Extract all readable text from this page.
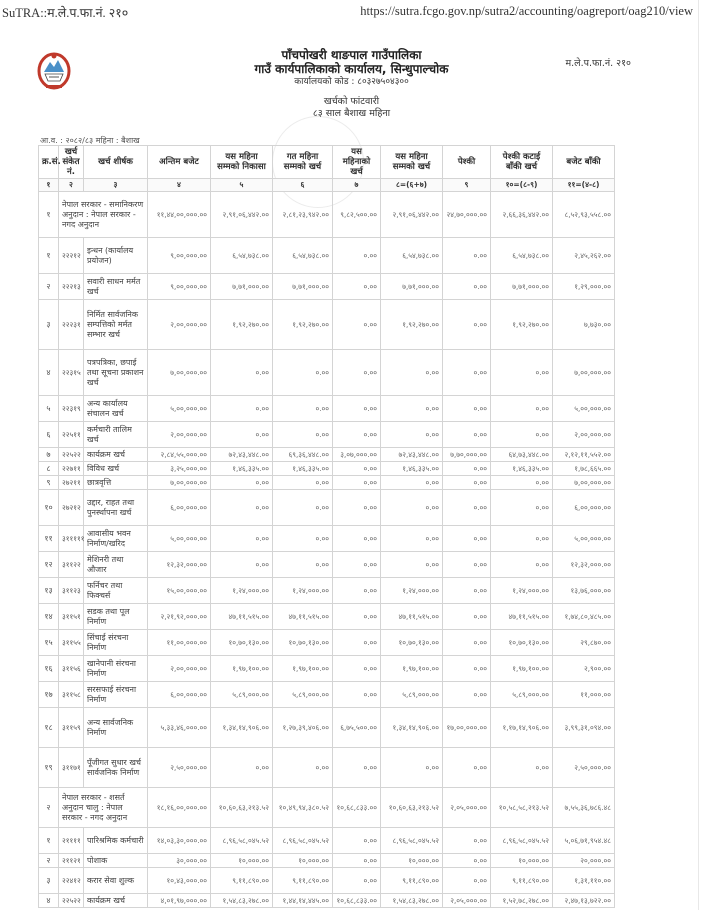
SuTRA::म.ले.प.फा.नं. २१०	https://sutra.fcgo.gov.np/sutra2/accounting/oagreport/oag210/view
पाँचपोखरी थाङपाल गाउँपालिका
गाउँ कार्यपालिकाको कार्यालय, सिन्धुपाल्चोक
कार्यालयको कोड : ८०३२७५०४३००
खर्चको फांटवारी
८३ साल बैशाख महिना
म.ले.प.फा.नं. २१०
आ.व. : २०८२/८३ महिना : बैशाख
क्र.सं.	खर्च संकेत नं.	खर्च शीर्षक	अन्तिम बजेट	यस महिना सम्मको निकासा	गत महिना सम्मको खर्च	यस महिनाको खर्च	यस महिना सम्मको खर्च	पेश्की	पेश्की कटाई बाँकी खर्च	बजेट बाँकी
१	२	३	४	५	६	७	८=(६+७)	९	१०=(८-९)	११=(४-८)
१	नेपाल सरकार - समानिकरण अनुदान : नेपाल सरकार - नगद अनुदान		११,४४,००,०००.००	२,९१,०६,४४२.००	२,८१,२३,९४२.००	९,८२,५००.००	२,९१,०६,४४२.००	२४,७०,०००.००	२,६६,३६,४४२.००	८,५२,९३,५५८.००
१	२२२१२	इन्धन (कार्यालय प्रयोजन)	९,००,०००.००	६,५४,७३८.००	६,५४,७३८.००	०.००	६,५४,७३८.००	०.००	६,५४,७३८.००	२,४५,२६२.००
२	२२२१३	सवारी साधन मर्मत खर्च	९,००,०००.००	७,७१,०००.००	७,७१,०००.००	०.००	७,७१,०००.००	०.००	७,७१,०००.००	१,२९,०००.००
३	२२२३१	निर्मित सार्वजनिक सम्पत्तिको मर्मत सम्भार खर्च	२,००,०००.००	१,९२,२७०.००	१,९२,२७०.००	०.००	१,९२,२७०.००	०.००	१,९२,२७०.००	७,७३०.००
४	२२३१५	पत्रपत्रिका, छपाई तथा सूचना प्रकाशन खर्च	७,००,०००.००	०.००	०.००	०.००	०.००	०.००	०.००	७,००,०००.००
५	२२३१९	अन्य कार्यालय संचालन खर्च	५,००,०००.००	०.००	०.००	०.००	०.००	०.००	०.००	५,००,०००.००
६	२२५११	कर्मचारी तालिम खर्च	२,००,०००.००	०.००	०.००	०.००	०.००	०.००	०.००	२,००,०००.००
७	२२५२२	कार्यक्रम खर्च	२,८४,५५,०००.००	७२,४३,४४८.००	६९,३६,४४८.००	३,०७,०००.००	७२,४३,४४८.००	७,७०,०००.००	६४,७३,४४८.००	२,१२,११,५५२.००
८	२२७११	विविध खर्च	३,२५,०००.००	१,४६,३३५.००	१,४६,३३५.००	०.००	१,४६,३३५.००	०.००	१,४६,३३५.००	१,७८,६६५.००
९	२७२११	छात्रवृत्ति	७,००,०००.००	०.००	०.००	०.००	०.००	०.००	०.००	७,००,०००.००
१०	२७२१२	उद्दार, राहत तथा पुनर्स्थापना खर्च	६,००,०००.००	०.००	०.००	०.००	०.००	०.००	०.००	६,००,०००.००
११	३१११११	आवासीय भवन निर्माण/खरिद	५,००,०००.००	०.००	०.००	०.००	०.००	०.००	०.००	५,००,०००.००
१२	३११२२	मेशिनरी तथा औजार	१२,३२,०००.००	०.००	०.००	०.००	०.००	०.००	०.००	१२,३२,०००.००
१३	३११२३	फर्निचर तथा फिक्चर्स	१५,००,०००.००	१,२४,०००.००	१,२४,०००.००	०.००	१,२४,०००.००	०.००	१,२४,०००.००	१३,७६,०००.००
१४	३११५१	सडक तथा पूल निर्माण	२,२१,९२,०००.००	४७,११,५१५.००	४७,११,५१५.००	०.००	४७,११,५१५.००	०.००	४७,११,५१५.००	१,७४,८०,४८५.००
१५	३११५५	सिंचाई संरचना निर्माण	११,००,०००.००	१०,७०,१३०.००	१०,७०,१३०.००	०.००	१०,७०,१३०.००	०.००	१०,७०,१३०.००	२९,८७०.००
१६	३११५६	खानेपानी संरचना निर्माण	२,००,०००.००	१,९७,१००.००	१,९७,१००.००	०.००	१,९७,१००.००	०.००	१,९७,१००.००	२,९००.००
१७	३११५८	सरसफाई संरचना निर्माण	६,००,०००.००	५,८९,०००.००	५,८९,०००.००	०.००	५,८९,०००.००	०.००	५,८९,०००.००	११,०००.००
१८	३११५९	अन्य सार्वजनिक निर्माण	५,३३,४६,०००.००	१,३४,१४,९०६.००	१,२७,३९,४०६.००	६,७५,५००.००	१,३४,१४,९०६.००	१७,००,०००.००	१,१७,१४,९०६.००	३,९९,३१,०९४.००
१९	३११७१	पूँजीगत सुधार खर्च सार्वजनिक निर्माण	२,५०,०००.००	०.००	०.००	०.००	०.००	०.००	०.००	२,५०,०००.००
२	नेपाल सरकार - शसर्त अनुदान चालु : नेपाल सरकार - नगद अनुदान		१८,१६,००,०००.००	१०,६०,६३,२१३.५२	१०,४९,९४,३८०.५२	१०,६८,८३३.००	१०,६०,६३,२१३.५२	२,०५,०००.००	१०,५८,५८,२१३.५२	७,५५,३६,७८६.४८
१	२११११	पारिश्रमिक कर्मचारी	१४,०३,३०,०००.००	८,९६,५८,०४५.५२	८,९६,५८,०४५.५२	०.००	८,९६,५८,०४५.५२	०.००	८,९६,५८,०४५.५२	५,०६,७१,९५४.४८
२	२११२१	पोशाक	३०,०००.००	१०,०००.००	१०,०००.००	०.००	१०,०००.००	०.००	१०,०००.००	२०,०००.००
३	२२४१२	करार सेवा शुल्क	१०,४३,०००.००	९,११,८९०.००	९,११,८९०.००	०.००	९,११,८९०.००	०.००	९,११,८९०.००	१,३१,११०.००
४	२२५२२	कार्यक्रम खर्च	४,०१,९७,०००.००	१,५४,८३,२७८.००	१,४४,१४,४४५.००	१०,६८,८३३.००	१,५४,८३,२७८.००	२,०५,०००.००	१,५२,७८,२७८.००	२,४७,१३,७२२.००
